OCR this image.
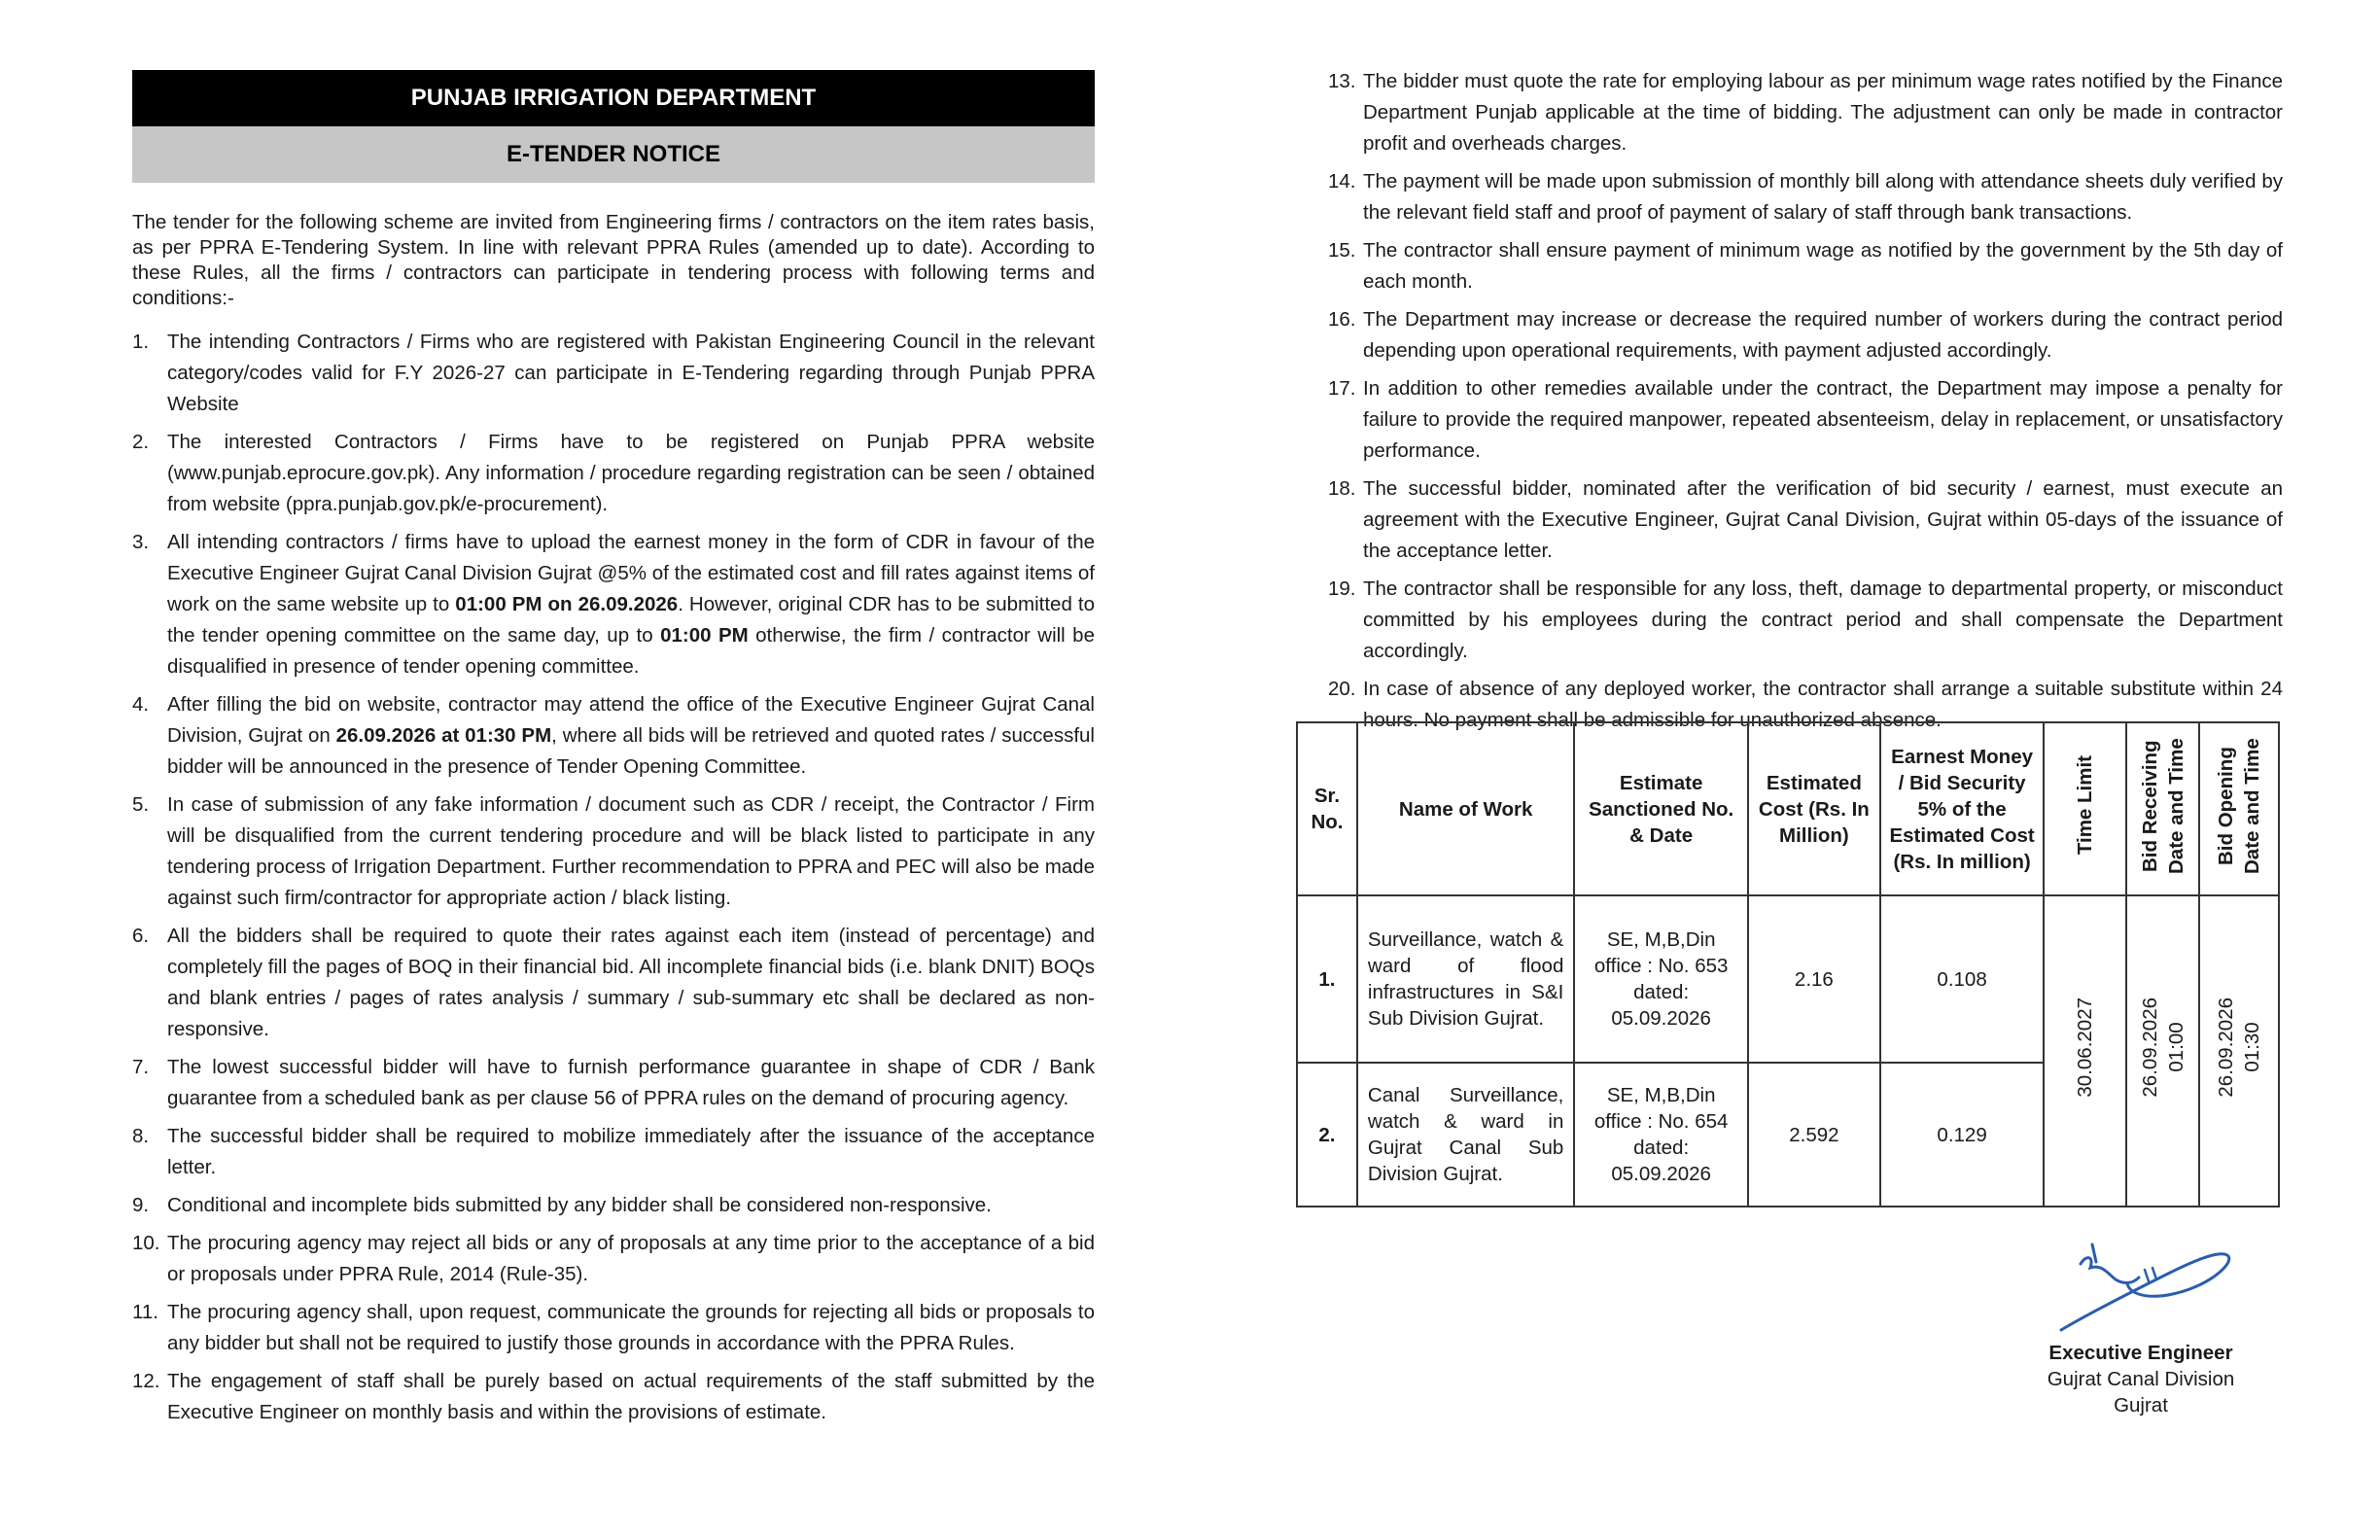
PUNJAB IRRIGATION DEPARTMENT
E-TENDER NOTICE
The tender for the following scheme are invited from Engineering firms / contractors on the item rates basis, as per PPRA E-Tendering System. In line with relevant PPRA Rules (amended up to date). According to these Rules, all the firms / contractors can participate in tendering process with following terms and conditions:-
1. The intending Contractors / Firms who are registered with Pakistan Engineering Council in the relevant category/codes valid for F.Y 2026-27 can participate in E-Tendering regarding through Punjab PPRA Website
2. The interested Contractors / Firms have to be registered on Punjab PPRA website (www.punjab.eprocure.gov.pk). Any information / procedure regarding registration can be seen / obtained from website (ppra.punjab.gov.pk/e-procurement).
3. All intending contractors / firms have to upload the earnest money in the form of CDR in favour of the Executive Engineer Gujrat Canal Division Gujrat @5% of the estimated cost and fill rates against items of work on the same website up to 01:00 PM on 26.09.2026. However, original CDR has to be submitted to the tender opening committee on the same day, up to 01:00 PM otherwise, the firm / contractor will be disqualified in presence of tender opening committee.
4. After filling the bid on website, contractor may attend the office of the Executive Engineer Gujrat Canal Division, Gujrat on 26.09.2026 at 01:30 PM, where all bids will be retrieved and quoted rates / successful bidder will be announced in the presence of Tender Opening Committee.
5. In case of submission of any fake information / document such as CDR / receipt, the Contractor / Firm will be disqualified from the current tendering procedure and will be black listed to participate in any tendering process of Irrigation Department. Further recommendation to PPRA and PEC will also be made against such firm/contractor for appropriate action / black listing.
6. All the bidders shall be required to quote their rates against each item (instead of percentage) and completely fill the pages of BOQ in their financial bid. All incomplete financial bids (i.e. blank DNIT) BOQs and blank entries / pages of rates analysis / summary / sub-summary etc shall be declared as non-responsive.
7. The lowest successful bidder will have to furnish performance guarantee in shape of CDR / Bank guarantee from a scheduled bank as per clause 56 of PPRA rules on the demand of procuring agency.
8. The successful bidder shall be required to mobilize immediately after the issuance of the acceptance letter.
9. Conditional and incomplete bids submitted by any bidder shall be considered non-responsive.
10. The procuring agency may reject all bids or any of proposals at any time prior to the acceptance of a bid or proposals under PPRA Rule, 2014 (Rule-35).
11. The procuring agency shall, upon request, communicate the grounds for rejecting all bids or proposals to any bidder but shall not be required to justify those grounds in accordance with the PPRA Rules.
12. The engagement of staff shall be purely based on actual requirements of the staff submitted by the Executive Engineer on monthly basis and within the provisions of estimate.
13. The bidder must quote the rate for employing labour as per minimum wage rates notified by the Finance Department Punjab applicable at the time of bidding. The adjustment can only be made in contractor profit and overheads charges.
14. The payment will be made upon submission of monthly bill along with attendance sheets duly verified by the relevant field staff and proof of payment of salary of staff through bank transactions.
15. The contractor shall ensure payment of minimum wage as notified by the government by the 5th day of each month.
16. The Department may increase or decrease the required number of workers during the contract period depending upon operational requirements, with payment adjusted accordingly.
17. In addition to other remedies available under the contract, the Department may impose a penalty for failure to provide the required manpower, repeated absenteeism, delay in replacement, or unsatisfactory performance.
18. The successful bidder, nominated after the verification of bid security / earnest, must execute an agreement with the Executive Engineer, Gujrat Canal Division, Gujrat within 05-days of the issuance of the acceptance letter.
19. The contractor shall be responsible for any loss, theft, damage to departmental property, or misconduct committed by his employees during the contract period and shall compensate the Department accordingly.
20. In case of absence of any deployed worker, the contractor shall arrange a suitable substitute within 24 hours. No payment shall be admissible for unauthorized absence.
Sr. No.	Name of Work	Estimate Sanctioned No. & Date	Estimated Cost (Rs. In Million)	Earnest Money / Bid Security 5% of the Estimated Cost (Rs. In million)	Time Limit	Bid Receiving Date and Time	Bid Opening Date and Time
1.	Surveillance, watch & ward of flood infrastructures in S&I Sub Division Gujrat.	SE, M,B,Din office : No. 653 dated: 05.09.2026	2.16	0.108	30.06.2027	26.09.2026 01:00	26.09.2026 01:30
2.	Canal Surveillance, watch & ward in Gujrat Canal Sub Division Gujrat.	SE, M,B,Din office : No. 654 dated: 05.09.2026	2.592	0.129			
Executive Engineer
Gujrat Canal Division
Gujrat
